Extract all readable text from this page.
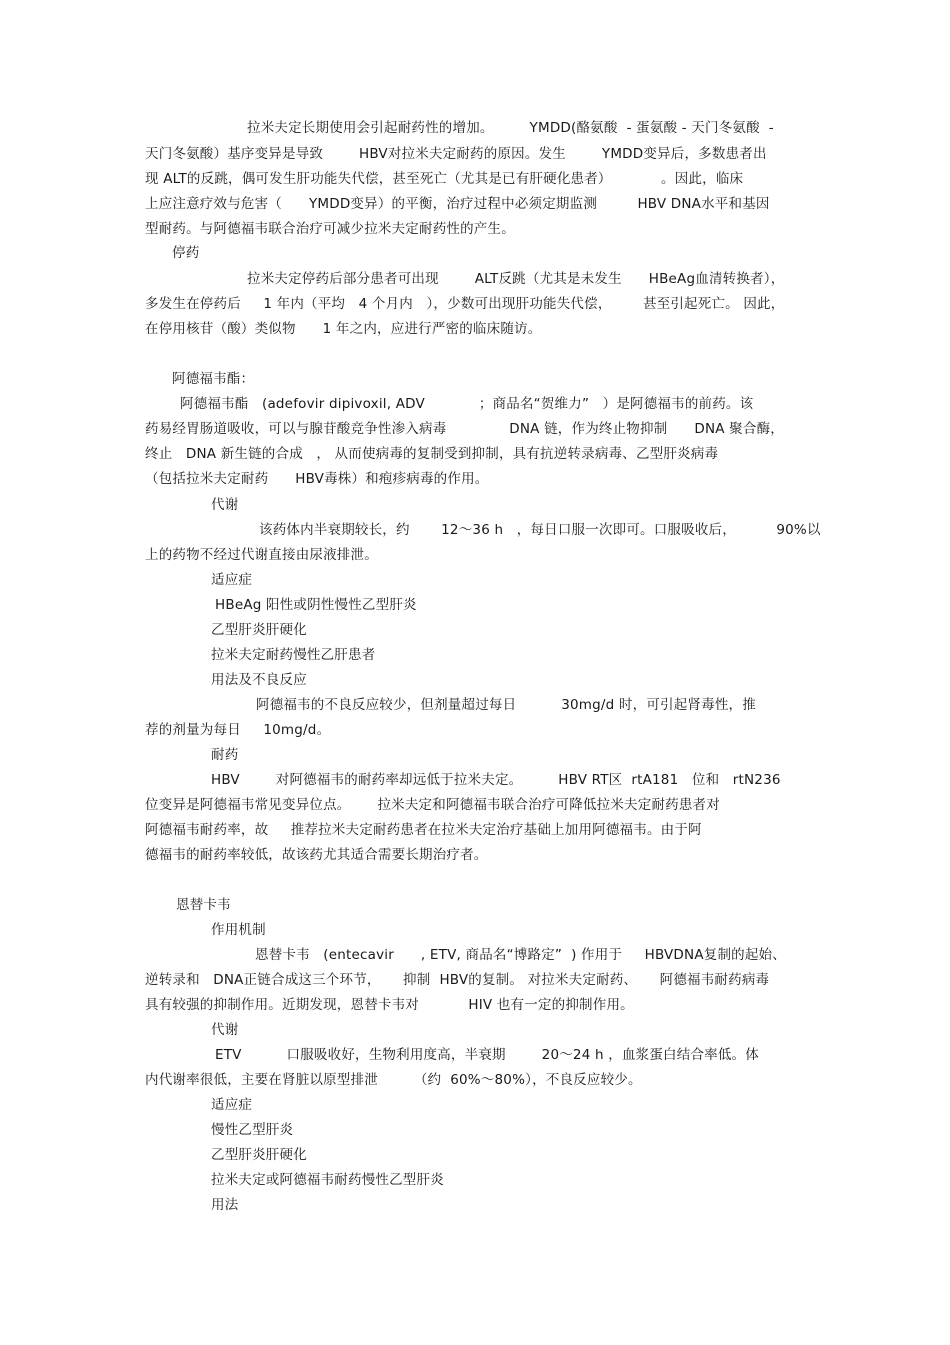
拉米夫定长期使用会引起耐药性的增加。        YMDD(酪氨酸  - 蛋氨酸 - 天门冬氨酸  -
天门冬氨酸）基序变异是导致        HBV对拉米夫定耐药的原因。发生        YMDD变异后，多数患者出
现 ALT的反跳，偶可发生肝功能失代偿，甚至死亡（尤其是已有肝硬化患者）           。因此，临床
上应注意疗效与危害（      YMDD变异）的平衡，治疗过程中必须定期监测         HBV DNA水平和基因
型耐药。与阿德福韦联合治疗可减少拉米夫定耐药性的产生。
停药
拉米夫定停药后部分患者可出现        ALT反跳（尤其是未发生      HBeAg血清转换者），
多发生在停药后     1 年内（平均   4 个月内   ），少数可出现肝功能失代偿，       甚至引起死亡。 因此，
在停用核苷（酸）类似物      1 年之内，应进行严密的临床随访。
阿德福韦酯：
阿德福韦酯   (adefovir dipivoxil, ADV            ；商品名“贺维力”   ）是阿德福韦的前药。该
药易经胃肠道吸收，可以与腺苷酸竞争性渗入病毒              DNA 链，作为终止物抑制      DNA 聚合酶，
终止   DNA 新生链的合成   ， 从而使病毒的复制受到抑制，具有抗逆转录病毒、乙型肝炎病毒
（包括拉米夫定耐药      HBV毒株）和疱疹病毒的作用。
代谢
该药体内半衰期较长，约       12～36 h   ，每日口服一次即可。口服吸收后，         90%以
上的药物不经过代谢直接由尿液排泄。
适应症
HBeAg 阳性或阴性慢性乙型肝炎
乙型肝炎肝硬化
拉米夫定耐药慢性乙肝患者
用法及不良反应
阿德福韦的不良反应较少，但剂量超过每日          30mg/d 时，可引起肾毒性，推
荐的剂量为每日     10mg/d。
耐药
HBV        对阿德福韦的耐药率却远低于拉米夫定。        HBV RT区  rtA181   位和   rtN236
位变异是阿德福韦常见变异位点。      拉米夫定和阿德福韦联合治疗可降低拉米夫定耐药患者对
阿德福韦耐药率，故     推荐拉米夫定耐药患者在拉米夫定治疗基础上加用阿德福韦。由于阿
德福韦的耐药率较低，故该药尤其适合需要长期治疗者。
恩替卡韦
作用机制
恩替卡韦   (entecavir      , ETV, 商品名“博路定”  ) 作用于     HBVDNA复制的起始、
逆转录和   DNA正链合成这三个环节，     抑制  HBV的复制。 对拉米夫定耐药、     阿德福韦耐药病毒
具有较强的抑制作用。近期发现，恩替卡韦对           HIV 也有一定的抑制作用。
代谢
ETV          口服吸收好，生物利用度高，半衰期        20～24 h ，血浆蛋白结合率低。体
内代谢率很低，主要在肾脏以原型排泄        （约  60%～80%），不良反应较少。
适应症
慢性乙型肝炎
乙型肝炎肝硬化
拉米夫定或阿德福韦耐药慢性乙型肝炎
用法
